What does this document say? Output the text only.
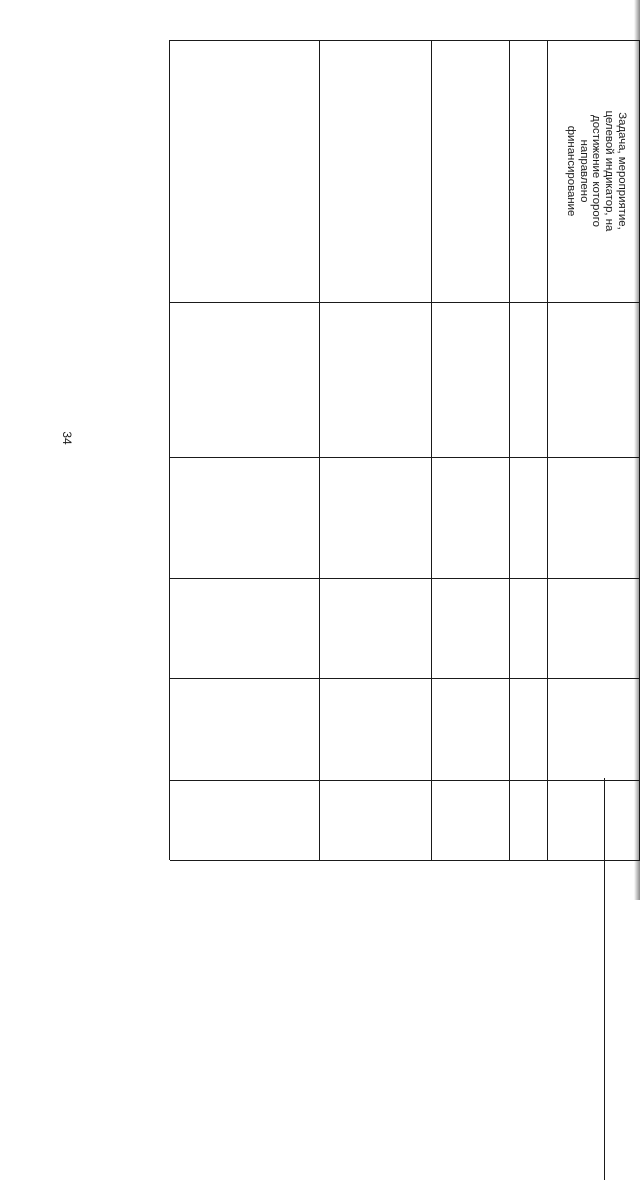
34
Задача, мероприятие,
целевой индикатор, на
достижение которого
направлено
финансирование
